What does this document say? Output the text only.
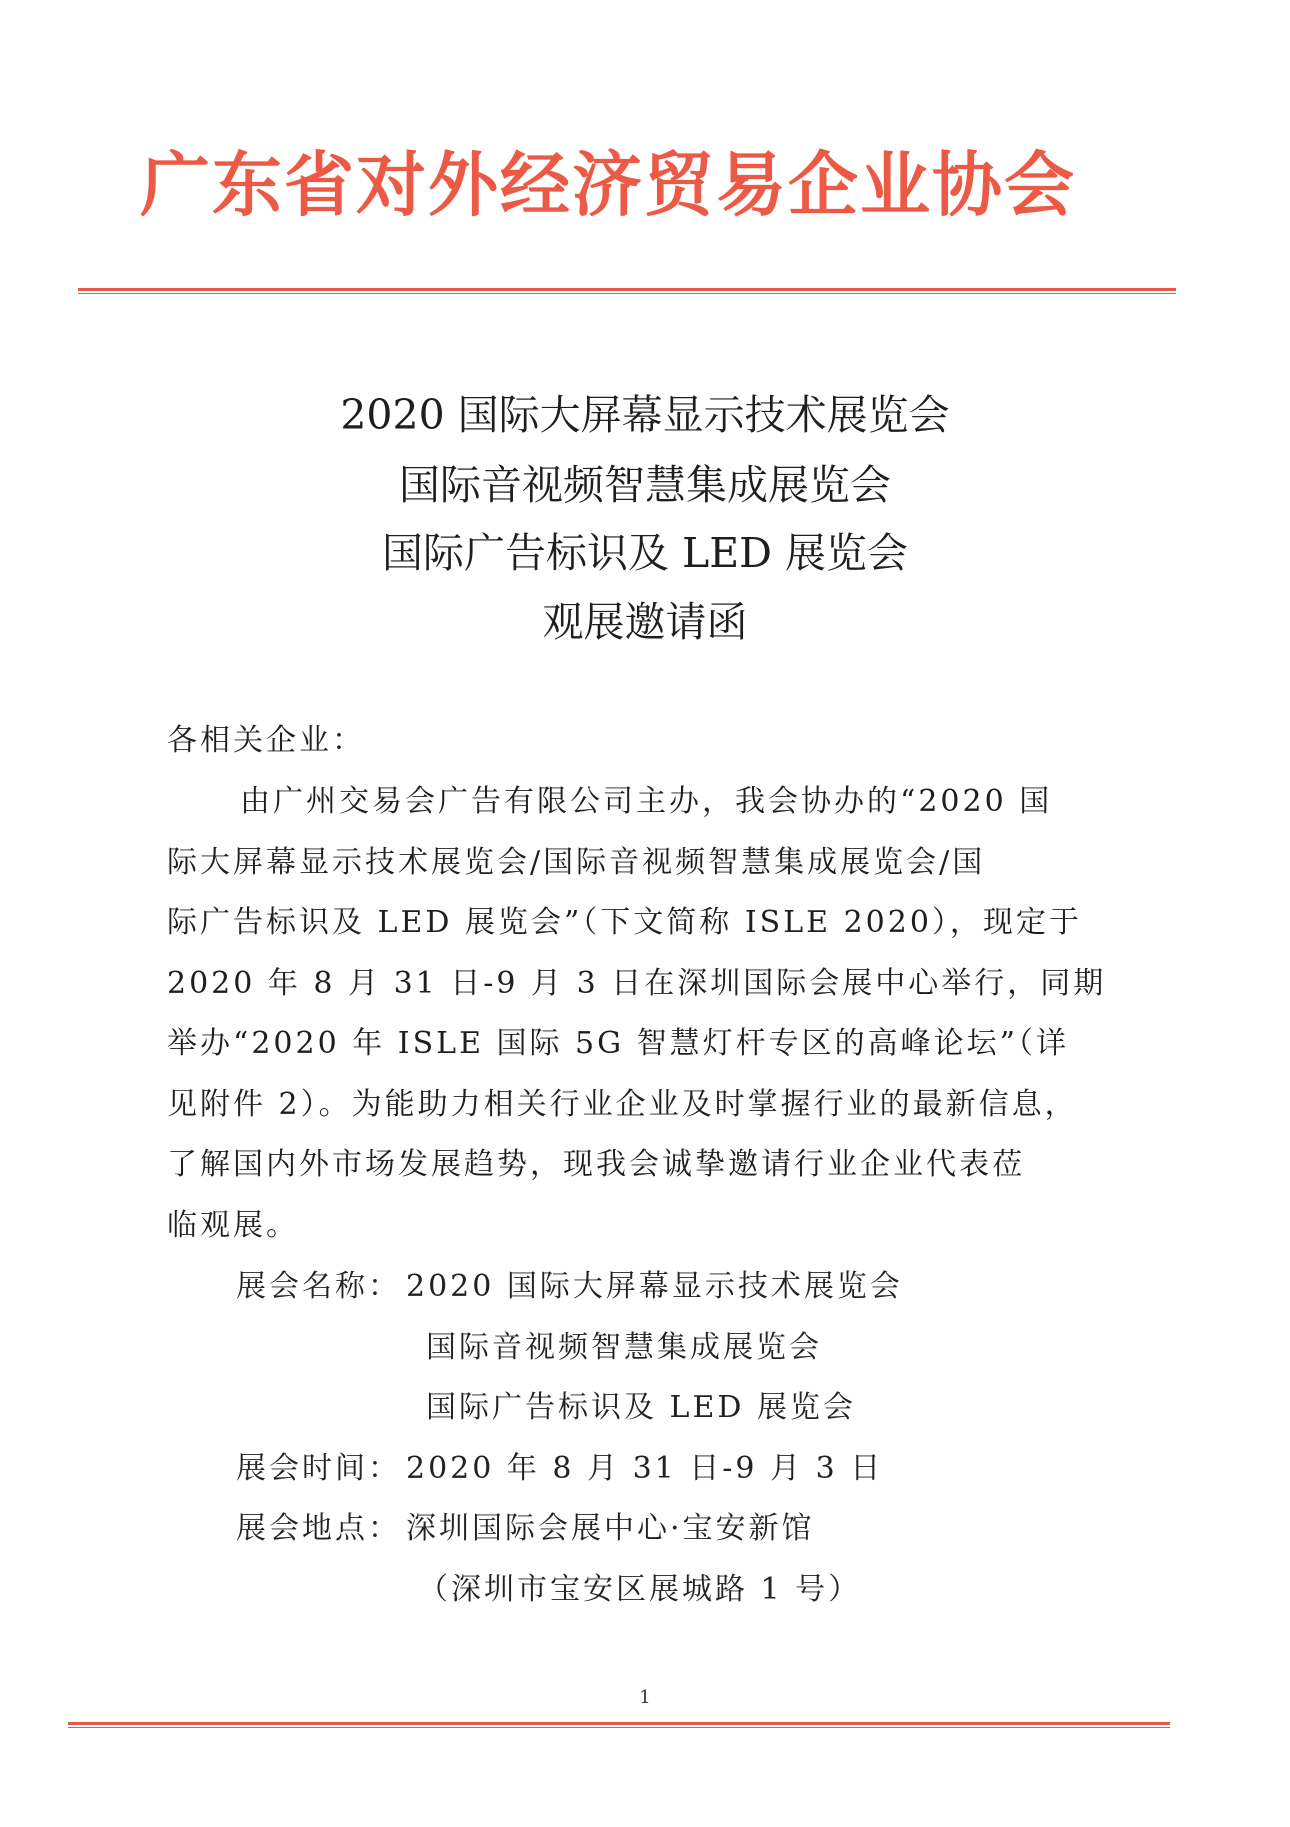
广东省对外经济贸易企业协会
2020 国际大屏幕显示技术展览会
国际音视频智慧集成展览会
国际广告标识及 LED 展览会
观展邀请函
各相关企业：
由广州交易会广告有限公司主办，我会协办的“2020 国
际大屏幕显示技术展览会/国际音视频智慧集成展览会/国
际广告标识及 LED 展览会”（下文简称 ISLE 2020），现定于
2020 年 8 月 31 日-9 月 3 日在深圳国际会展中心举行，同期
举办“2020 年 ISLE 国际 5G 智慧灯杆专区的高峰论坛”（详
见附件 2）。为能助力相关行业企业及时掌握行业的最新信息，
了解国内外市场发展趋势，现我会诚挚邀请行业企业代表莅
临观展。
展会名称： 2020 国际大屏幕显示技术展览会
国际音视频智慧集成展览会
国际广告标识及 LED 展览会
展会时间： 2020 年 8 月 31 日-9 月 3 日
展会地点： 深圳国际会展中心·宝安新馆
（深圳市宝安区展城路 1 号）
1
